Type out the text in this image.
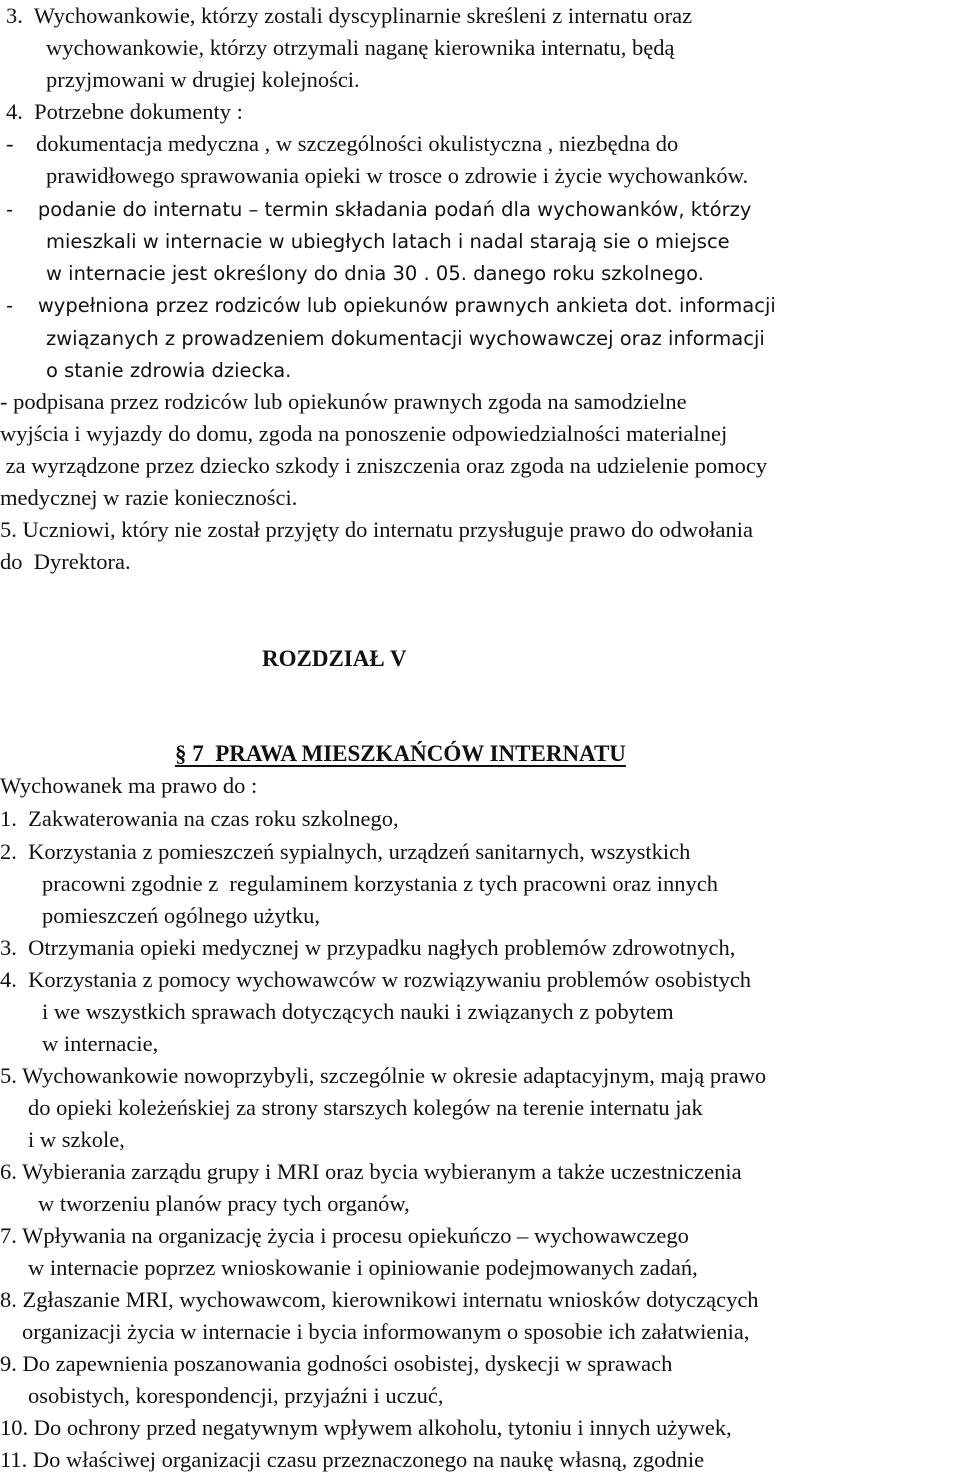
3.  Wychowankowie, którzy zostali dyscyplinarnie skreśleni z internatu oraz
wychowankowie, którzy otrzymali naganę kierownika internatu, będą
przyjmowani w drugiej kolejności.
4.  Potrzebne dokumenty :
-    dokumentacja medyczna , w szczególności okulistyczna , niezbędna do
prawidłowego sprawowania opieki w trosce o zdrowie i życie wychowanków.
-    podanie do internatu – termin składania podań dla wychowanków, którzy
mieszkali w internacie w ubiegłych latach i nadal starają sie o miejsce
w internacie jest określony do dnia 30 . 05. danego roku szkolnego.
-    wypełniona przez rodziców lub opiekunów prawnych ankieta dot. informacji
związanych z prowadzeniem dokumentacji wychowawczej oraz informacji
o stanie zdrowia dziecka.
- podpisana przez rodziców lub opiekunów prawnych zgoda na samodzielne
wyjścia i wyjazdy do domu, zgoda na ponoszenie odpowiedzialności materialnej
za wyrządzone przez dziecko szkody i zniszczenia oraz zgoda na udzielenie pomocy
medycznej w razie konieczności.
5. Uczniowi, który nie został przyjęty do internatu przysługuje prawo do odwołania
do  Dyrektora.
ROZDZIAŁ V

§ 7  PRAWA MIESZKAŃCÓW INTERNATU

Wychowanek ma prawo do :
1.  Zakwaterowania na czas roku szkolnego,
2.  Korzystania z pomieszczeń sypialnych, urządzeń sanitarnych, wszystkich
pracowni zgodnie z  regulaminem korzystania z tych pracowni oraz innych
pomieszczeń ogólnego użytku,
3.  Otrzymania opieki medycznej w przypadku nagłych problemów zdrowotnych,
4.  Korzystania z pomocy wychowawców w rozwiązywaniu problemów osobistych
i we wszystkich sprawach dotyczących nauki i związanych z pobytem
w internacie,
5. Wychowankowie nowoprzybyli, szczególnie w okresie adaptacyjnym, mają prawo
do opieki koleżeńskiej za strony starszych kolegów na terenie internatu jak
i w szkole,
6. Wybierania zarządu grupy i MRI oraz bycia wybieranym a także uczestniczenia
w tworzeniu planów pracy tych organów,
7. Wpływania na organizację życia i procesu opiekuńczo – wychowawczego
w internacie poprzez wnioskowanie i opiniowanie podejmowanych zadań,
8. Zgłaszanie MRI, wychowawcom, kierownikowi internatu wniosków dotyczących
organizacji życia w internacie i bycia informowanym o sposobie ich załatwienia,
9. Do zapewnienia poszanowania godności osobistej, dyskecji w sprawach
osobistych, korespondencji, przyjaźni i uczuć,
10. Do ochrony przed negatywnym wpływem alkoholu, tytoniu i innych używek,
11. Do właściwej organizacji czasu przeznaczonego na naukę własną, zgodnie
